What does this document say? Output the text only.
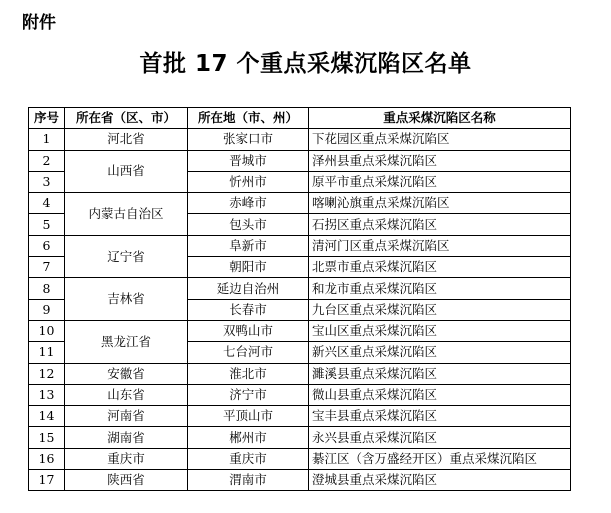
附件
首批 17 个重点采煤沉陷区名单
序号	所在省（区、市）	所在地（市、州）	重点采煤沉陷区名称
1	河北省	张家口市	下花园区重点采煤沉陷区
2	山西省	晋城市	泽州县重点采煤沉陷区
3		忻州市	原平市重点采煤沉陷区
4	内蒙古自治区	赤峰市	喀喇沁旗重点采煤沉陷区
5		包头市	石拐区重点采煤沉陷区
6	辽宁省	阜新市	清河门区重点采煤沉陷区
7		朝阳市	北票市重点采煤沉陷区
8	吉林省	延边自治州	和龙市重点采煤沉陷区
9		长春市	九台区重点采煤沉陷区
10	黑龙江省	双鸭山市	宝山区重点采煤沉陷区
11		七台河市	新兴区重点采煤沉陷区
12	安徽省	淮北市	濉溪县重点采煤沉陷区
13	山东省	济宁市	微山县重点采煤沉陷区
14	河南省	平顶山市	宝丰县重点采煤沉陷区
15	湖南省	郴州市	永兴县重点采煤沉陷区
16	重庆市	重庆市	綦江区（含万盛经开区）重点采煤沉陷区
17	陕西省	渭南市	澄城县重点采煤沉陷区
